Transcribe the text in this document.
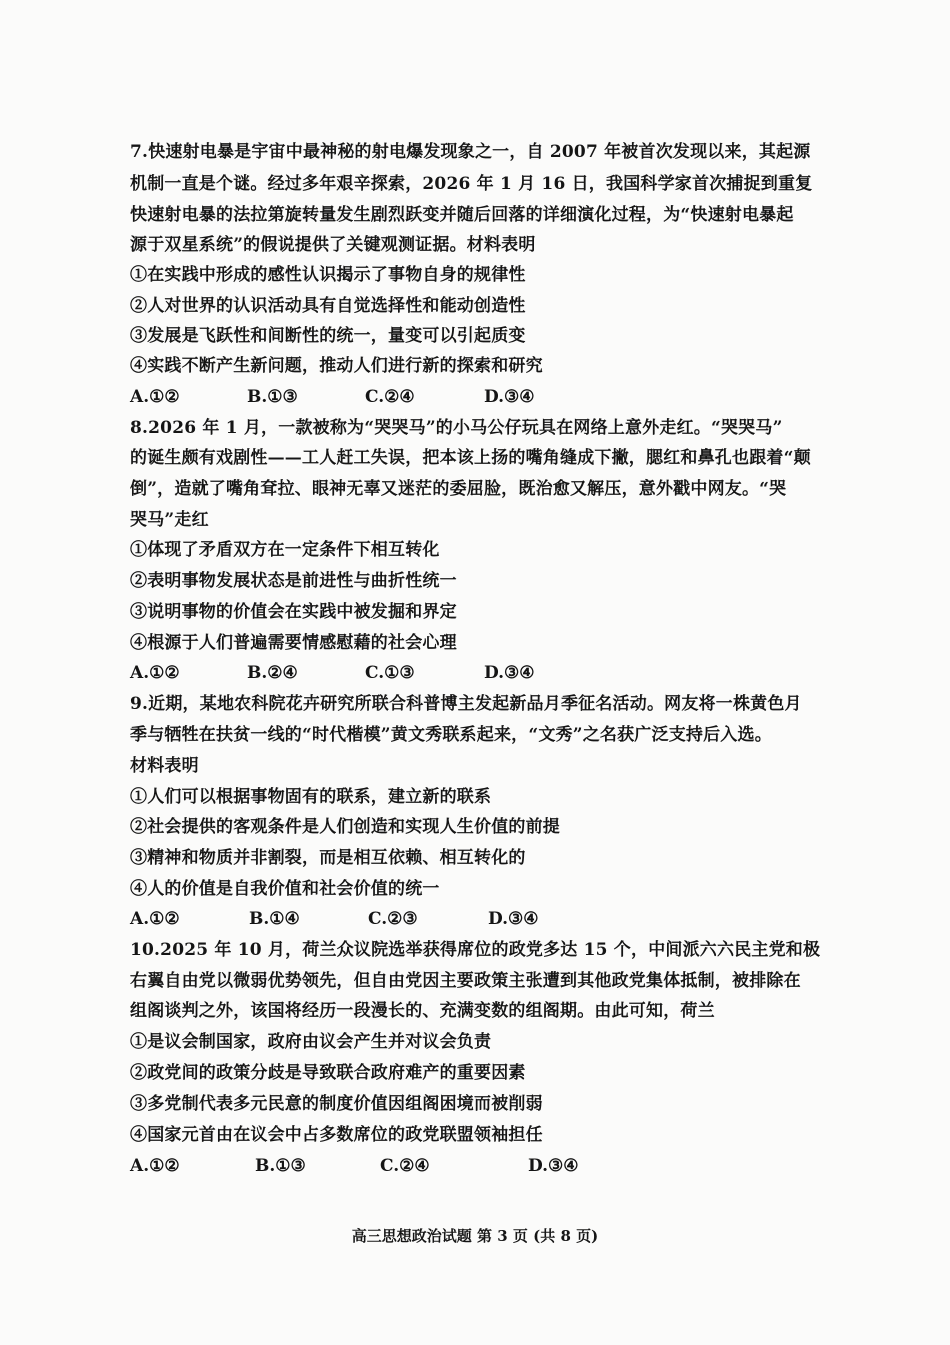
7.快速射电暴是宇宙中最神秘的射电爆发现象之一，自 2007 年被首次发现以来，其起源
机制一直是个谜。经过多年艰辛探索，2026 年 1 月 16 日，我国科学家首次捕捉到重复
快速射电暴的法拉第旋转量发生剧烈跃变并随后回落的详细演化过程，为“快速射电暴起
源于双星系统”的假说提供了关键观测证据。材料表明
①在实践中形成的感性认识揭示了事物自身的规律性
②人对世界的认识活动具有自觉选择性和能动创造性
③发展是飞跃性和间断性的统一，量变可以引起质变
④实践不断产生新问题，推动人们进行新的探索和研究
A.①②	B.①③	C.②④	D.③④
8.2026 年 1 月，一款被称为“哭哭马”的小马公仔玩具在网络上意外走红。“哭哭马”
的诞生颇有戏剧性——工人赶工失误，把本该上扬的嘴角缝成下撇，腮红和鼻孔也跟着“颠
倒”，造就了嘴角耷拉、眼神无辜又迷茫的委屈脸，既治愈又解压，意外戳中网友。“哭
哭马”走红
①体现了矛盾双方在一定条件下相互转化
②表明事物发展状态是前进性与曲折性统一
③说明事物的价值会在实践中被发掘和界定
④根源于人们普遍需要情感慰藉的社会心理
A.①②	B.②④	C.①③	D.③④
9.近期，某地农科院花卉研究所联合科普博主发起新品月季征名活动。网友将一株黄色月
季与牺牲在扶贫一线的“时代楷模”黄文秀联系起来，“文秀”之名获广泛支持后入选。
材料表明
①人们可以根据事物固有的联系，建立新的联系
②社会提供的客观条件是人们创造和实现人生价值的前提
③精神和物质并非割裂，而是相互依赖、相互转化的
④人的价值是自我价值和社会价值的统一
A.①②	B.①④	C.②③	D.③④
10.2025 年 10 月，荷兰众议院选举获得席位的政党多达 15 个，中间派六六民主党和极
右翼自由党以微弱优势领先，但自由党因主要政策主张遭到其他政党集体抵制，被排除在
组阁谈判之外，该国将经历一段漫长的、充满变数的组阁期。由此可知，荷兰
①是议会制国家，政府由议会产生并对议会负责
②政党间的政策分歧是导致联合政府难产的重要因素
③多党制代表多元民意的制度价值因组阁困境而被削弱
④国家元首由在议会中占多数席位的政党联盟领袖担任
A.①②	B.①③	C.②④	D.③④
高三思想政治试题 第 3 页 (共 8 页)
